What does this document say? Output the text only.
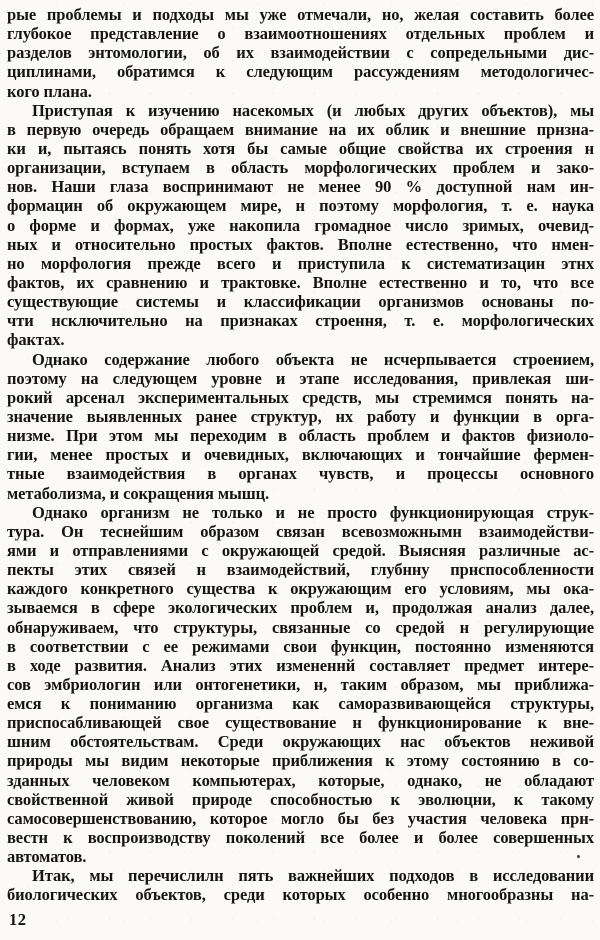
рые проблемы и подходы мы уже отмечали, но, желая составить более
глубокое представление о взаимоотношениях отдельных проблем и
разделов энтомологии, об их взаимодействии с сопредельными дис-
циплинами, обратимся к следующим рассуждениям методологичес-
кого плана.
Приступая к изучению насекомых (и любых других объектов), мы
в первую очередь обращаем внимание на их облик и внешние прнзна-
ки и, пытаясь понять хотя бы самые общие свойства их строения н
организации, вступаем в область морфологических проблем и зако-
нов. Наши глаза воспринимают не менее 90 % доступной нам ин-
формацин об окружающем мире, н поэтому морфология, т. е. наука
о форме и формах, уже накопила громадное число зримых, очевид-
ных и относительно простых фактов. Вполне естественно, что нмен-
но морфология прежде всего и приступила к систематизацин этнх
фактов, их сравнению и трактовке. Вполне естественно и то, что все
существующие системы и классификации организмов основаны по-
чти нсключительно на признаках строення, т. е. морфологических
фактах.
Однако содержание любого объекта не нсчерпывается строением,
поэтому на следующем уровне и этапе исследования, привлекая ши-
рокий арсенал экспериментальных средств, мы стремимся понять на-
значение выявленных ранее структур, нх работу и функции в орга-
низме. При этом мы переходим в область проблем и фактов физиоло-
гии, менее простых и очевидных, включающих и тончайшие фермен-
тные взаимодействия в органах чувств, и процессы основного
метаболизма, и сокращения мышц.
Однако организм не только и не просто функционирующая струк-
тура. Он теснейшим образом связан всевозможнымн взаимодействи-
ями и отправлениями с окружающей средой. Выясняя различные ас-
пекты этих связей н взаимодействий, глубнну прнспособленности
каждого конкретного существа к окружающим его условиям, мы ока-
зываемся в сфере экологических проблем и, продолжая анализ далее,
обнаруживаем, что структуры, связанные со средой н регулирующие
в соответствии с ее режимами свои функцин, постоянно изменяются
в ходе развития. Анализ этих измененнй составляет предмет интере-
сов эмбриологин или онтогенетики, н, таким образом, мы приближа-
емся к пониманию организма как саморазвивающейся структуры,
приспосабливающей свое существование н функционирование к вне-
шним обстоятельствам. Среди окружающих нас объектов неживой
природы мы видим некоторые приближения к этому состоянию в со-
зданных человеком компьютерах, которые, однако, не обладают
свойственной живой природе способностью к эволюцни, к такому
самосовершенствованию, которое могло бы без участия человека прн-
вестн к воспроизводству поколений все более и более совершенных
автоматов.
Итак, мы перечислилн пять важнейших подходов в исследовании
биологических объектов, среди которых особенно многообразны на-
12
